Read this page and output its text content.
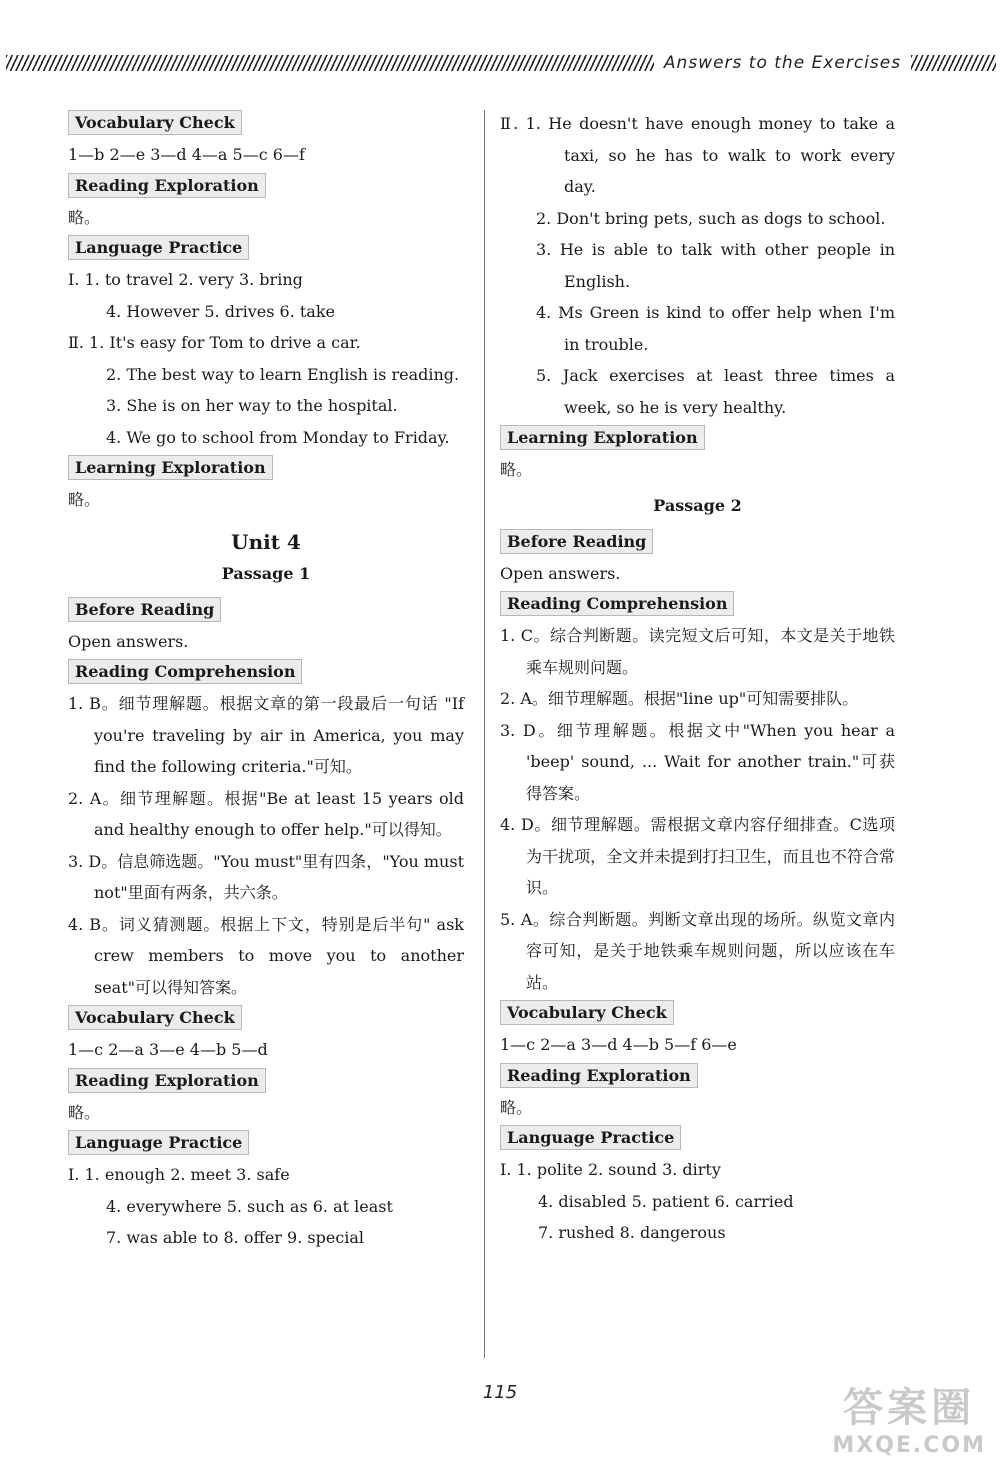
Answers to the Exercises
Vocabulary Check
1—b 2—e 3—d 4—a 5—c 6—f
Reading Exploration
略。
Language Practice
Ⅰ. 1. to travel 2. very 3. bring
4. However 5. drives 6. take
Ⅱ. 1. It's easy for Tom to drive a car.
2. The best way to learn English is reading.
3. She is on her way to the hospital.
4. We go to school from Monday to Friday.
Learning Exploration
略。
Unit 4
Passage 1
Before Reading
Open answers.
Reading Comprehension
1. B。细节理解题。根据文章的第一段最后一句话 "If you're traveling by air in America, you may find the following criteria."可知。
2. A。细节理解题。根据"Be at least 15 years old and healthy enough to offer help."可以得知。
3. D。信息筛选题。"You must"里有四条，"You must not"里面有两条，共六条。
4. B。词义猜测题。根据上下文，特别是后半句" ask crew members to move you to another seat"可以得知答案。
Vocabulary Check
1—c 2—a 3—e 4—b 5—d
Reading Exploration
略。
Language Practice
Ⅰ. 1. enough 2. meet 3. safe
4. everywhere 5. such as 6. at least
7. was able to 8. offer 9. special
Ⅱ. 1. He doesn't have enough money to take a taxi, so he has to walk to work every day.
2. Don't bring pets, such as dogs to school.
3. He is able to talk with other people in English.
4. Ms Green is kind to offer help when I'm in trouble.
5. Jack exercises at least three times a week, so he is very healthy.
Learning Exploration
略。
Passage 2
Before Reading
Open answers.
Reading Comprehension
1. C。综合判断题。读完短文后可知，本文是关于地铁乘车规则问题。
2. A。细节理解题。根据"line up"可知需要排队。
3. D。细节理解题。根据文中"When you hear a 'beep' sound, ... Wait for another train."可获得答案。
4. D。细节理解题。需根据文章内容仔细排查。C选项为干扰项，全文并未提到打扫卫生，而且也不符合常识。
5. A。综合判断题。判断文章出现的场所。纵览文章内容可知，是关于地铁乘车规则问题，所以应该在车站。
Vocabulary Check
1—c 2—a 3—d 4—b 5—f 6—e
Reading Exploration
略。
Language Practice
Ⅰ. 1. polite 2. sound 3. dirty
4. disabled 5. patient 6. carried
7. rushed 8. dangerous
115	答案圈
MXQE.COM
